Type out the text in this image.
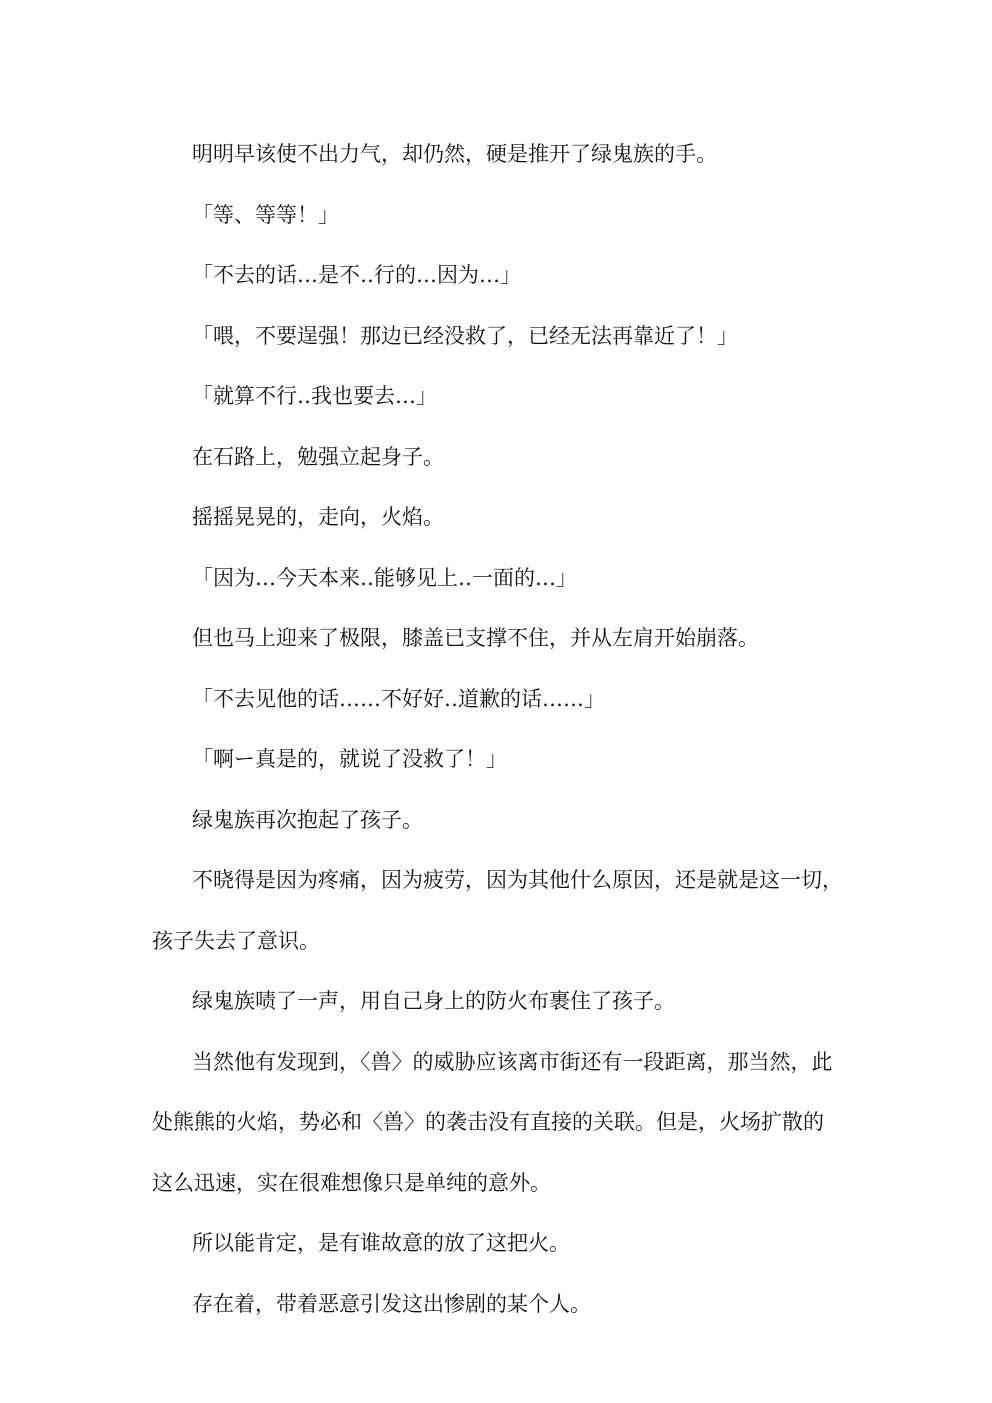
明明早该使不出力气，却仍然，硬是推开了绿鬼族的手。

「等、等等！」

「不去的话…是不‥行的…因为…」

「喂，不要逞强！那边已经没救了，已经无法再靠近了！」

「就算不行‥我也要去…」

在石路上，勉强立起身子。

摇摇晃晃的，走向，火焰。

「因为…今天本来‥能够见上‥一面的…」

但也马上迎来了极限，膝盖已支撑不住，并从左肩开始崩落。

「不去见他的话……不好好‥道歉的话……」

「啊ー真是的，就说了没救了！」

绿鬼族再次抱起了孩子。

不晓得是因为疼痛，因为疲劳，因为其他什么原因，还是就是这一切，孩子失去了意识。

绿鬼族啧了一声，用自己身上的防火布裹住了孩子。

当然他有发现到，〈兽〉的威胁应该离市街还有一段距离，那当然，此处熊熊的火焰，势必和〈兽〉的袭击没有直接的关联。但是，火场扩散的这么迅速，实在很难想像只是单纯的意外。

所以能肯定，是有谁故意的放了这把火。

存在着，带着恶意引发这出惨剧的某个人。
